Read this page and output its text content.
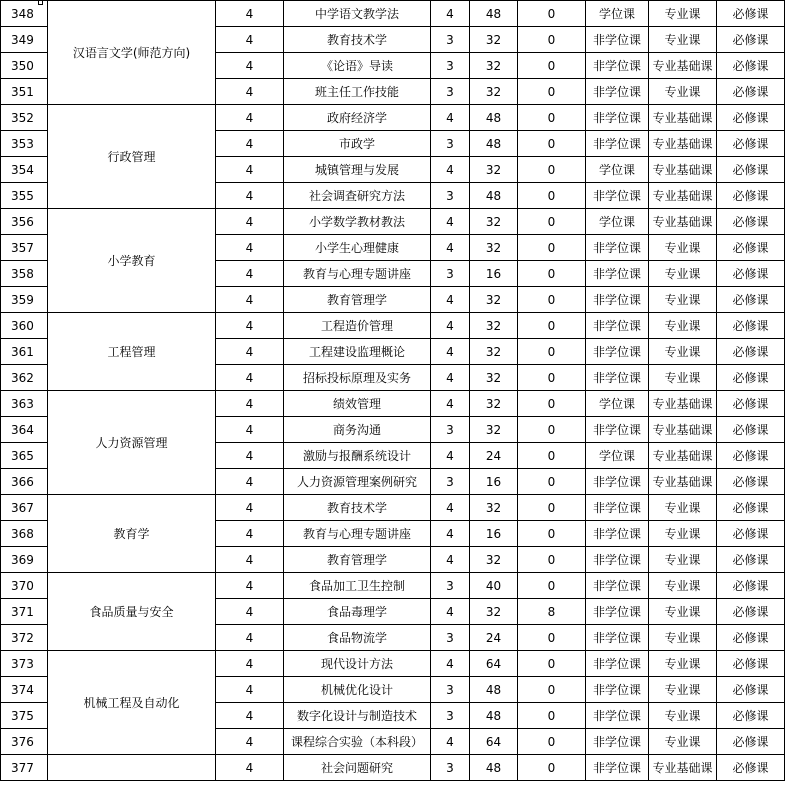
348	汉语言文学(师范方向)	4	中学语文教学法	4	48	0	学位课	专业课	必修课
349		4	教育技术学	3	32	0	非学位课	专业课	必修课
350		4	《论语》导读	3	32	0	非学位课	专业基础课	必修课
351		4	班主任工作技能	3	32	0	非学位课	专业课	必修课
352	行政管理	4	政府经济学	4	48	0	非学位课	专业基础课	必修课
353		4	市政学	3	48	0	非学位课	专业基础课	必修课
354		4	城镇管理与发展	4	32	0	学位课	专业基础课	必修课
355		4	社会调查研究方法	3	48	0	非学位课	专业基础课	必修课
356	小学教育	4	小学数学教材教法	4	32	0	学位课	专业基础课	必修课
357		4	小学生心理健康	4	32	0	非学位课	专业课	必修课
358		4	教育与心理专题讲座	3	16	0	非学位课	专业课	必修课
359		4	教育管理学	4	32	0	非学位课	专业课	必修课
360	工程管理	4	工程造价管理	4	32	0	非学位课	专业课	必修课
361		4	工程建设监理概论	4	32	0	非学位课	专业课	必修课
362		4	招标投标原理及实务	4	32	0	非学位课	专业课	必修课
363	人力资源管理	4	绩效管理	4	32	0	学位课	专业基础课	必修课
364		4	商务沟通	3	32	0	非学位课	专业基础课	必修课
365		4	激励与报酬系统设计	4	24	0	学位课	专业基础课	必修课
366		4	人力资源管理案例研究	3	16	0	非学位课	专业基础课	必修课
367	教育学	4	教育技术学	4	32	0	非学位课	专业课	必修课
368		4	教育与心理专题讲座	4	16	0	非学位课	专业课	必修课
369		4	教育管理学	4	32	0	非学位课	专业课	必修课
370	食品质量与安全	4	食品加工卫生控制	3	40	0	非学位课	专业课	必修课
371		4	食品毒理学	4	32	8	非学位课	专业课	必修课
372		4	食品物流学	3	24	0	非学位课	专业课	必修课
373	机械工程及自动化	4	现代设计方法	4	64	0	非学位课	专业课	必修课
374		4	机械优化设计	3	48	0	非学位课	专业课	必修课
375		4	数字化设计与制造技术	3	48	0	非学位课	专业课	必修课
376		4	课程综合实验（本科段）	4	64	0	非学位课	专业课	必修课
377		4	社会问题研究	3	48	0	非学位课	专业基础课	必修课
